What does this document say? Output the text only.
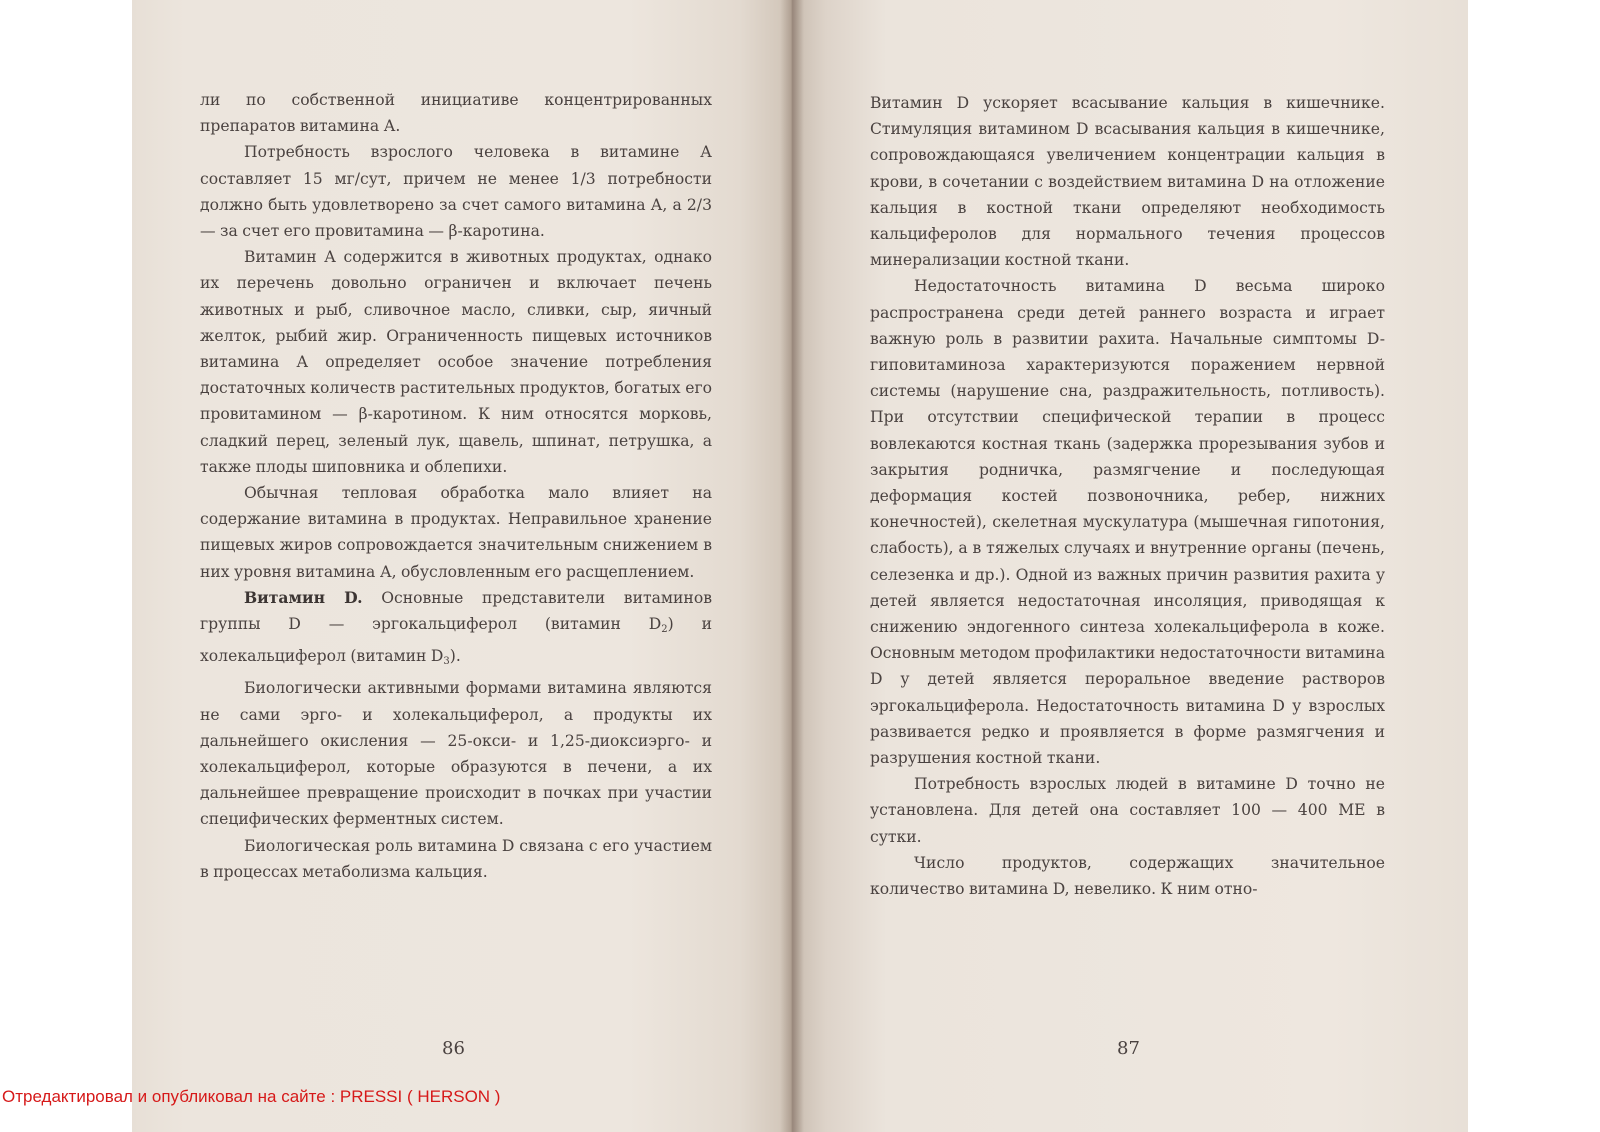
ли по собственной инициативе концентрированных препаратов витамина А.

Потребность взрослого человека в витамине А составляет 15 мг/сут, причем не менее 1/3 потребности должно быть удовлетворено за счет самого витамина А, а 2/3 — за счет его провитамина — β-каротина.

Витамин А содержится в животных продуктах, однако их перечень довольно ограничен и включает печень животных и рыб, сливочное масло, сливки, сыр, яичный желток, рыбий жир. Ограниченность пищевых источников витамина А определяет особое значение потребления достаточных количеств растительных продуктов, богатых его провитамином — β-каротином. К ним относятся морковь, сладкий перец, зеленый лук, щавель, шпинат, петрушка, а также плоды шиповника и облепихи.

Обычная тепловая обработка мало влияет на содержание витамина в продуктах. Неправильное хранение пищевых жиров сопровождается значительным снижением в них уровня витамина А, обусловленным его расщеплением.

Витамин D. Основные представители витаминов группы D — эргокальциферол (витамин $D_2$) и холекальциферол (витамин $D_3$).

Биологически активными формами витамина являются не сами эрго- и холекальциферол, а продукты их дальнейшего окисления — 25-окси- и 1,25-диоксиэрго- и холекальциферол, которые образуются в печени, а их дальнейшее превращение происходит в почках при участии специфических ферментных систем.

Биологическая роль витамина D связана с его участием в процессах метаболизма кальция.

86

Витамин D ускоряет всасывание кальция в кишечнике. Стимуляция витамином D всасывания кальция в кишечнике, сопровождающаяся увеличением концентрации кальция в крови, в сочетании с воздействием витамина D на отложение кальция в костной ткани определяют необходимость кальциферолов для нормального течения процессов минерализации костной ткани.

Недостаточность витамина D весьма широко распространена среди детей раннего возраста и играет важную роль в развитии рахита. Начальные симптомы D-гиповитаминоза характеризуются поражением нервной системы (нарушение сна, раздражительность, потливость). При отсутствии специфической терапии в процесс вовлекаются костная ткань (задержка прорезывания зубов и закрытия родничка, размягчение и последующая деформация костей позвоночника, ребер, нижних конечностей), скелетная мускулатура (мышечная гипотония, слабость), а в тяжелых случаях и внутренние органы (печень, селезенка и др.). Одной из важных причин развития рахита у детей является недостаточная инсоляция, приводящая к снижению эндогенного синтеза холекальциферола в коже. Основным методом профилактики недостаточности витамина D у детей является пероральное введение растворов эргокальциферола. Недостаточность витамина D у взрослых развивается редко и проявляется в форме размягчения и разрушения костной ткани.

Потребность взрослых людей в витамине D точно не установлена. Для детей она составляет 100 — 400 МЕ в сутки.

Число продуктов, содержащих значительное количество витамина D, невелико. К ним отно-

87
Отредактировал и опубликовал на сайте : PRESSI ( HERSON )
